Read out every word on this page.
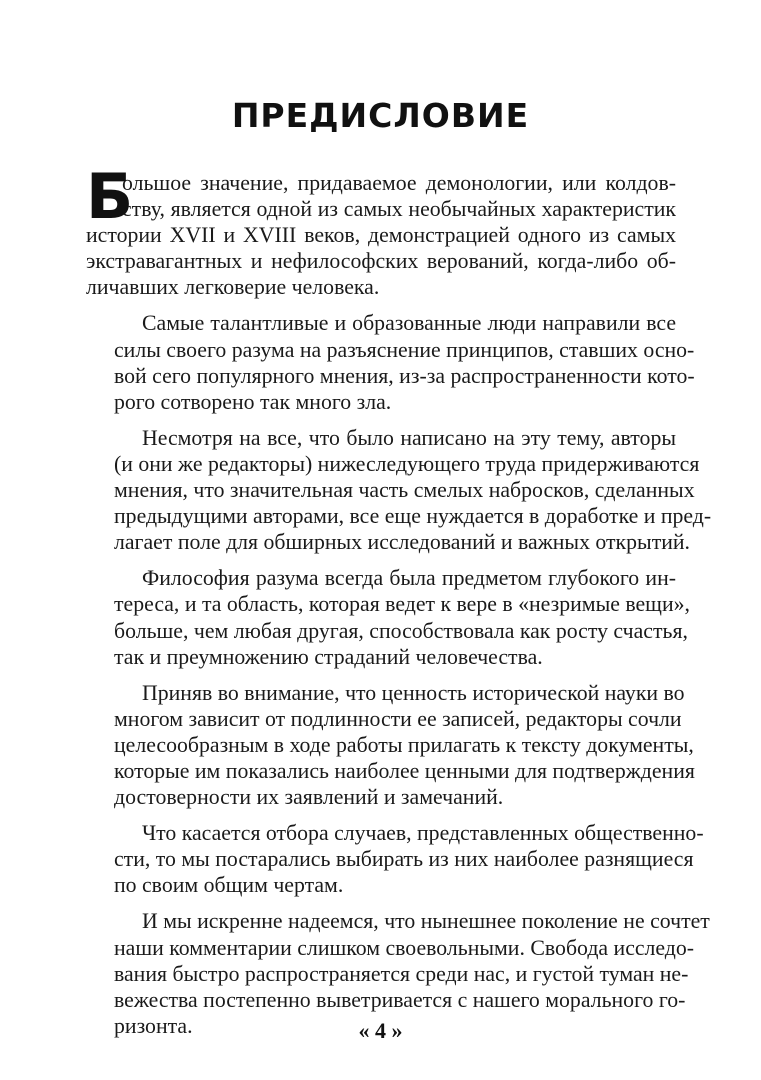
ПРЕДИСЛОВИЕ
Б
ольшое значение, придаваемое демонологии, или колдов-
ству, является одной из самых необычайных характеристик
истории XVII и XVIII веков, демонстрацией одного из самых
экстравагантных и нефилософских верований, когда-либо об-
личавших легковерие человека.
Самые талантливые и образованные люди направили все
силы своего разума на разъяснение принципов, ставших осно-
вой сего популярного мнения, из-за распространенности кото-
рого сотворено так много зла.
Несмотря на все, что было написано на эту тему, авторы
(и они же редакторы) нижеследующего труда придерживаются
мнения, что значительная часть смелых набросков, сделанных
предыдущими авторами, все еще нуждается в доработке и пред-
лагает поле для обширных исследований и важных открытий.
Философия разума всегда была предметом глубокого ин-
тереса, и та область, которая ведет к вере в «незримые вещи»,
больше, чем любая другая, способствовала как росту счастья,
так и преумножению страданий человечества.
Приняв во внимание, что ценность исторической науки во
многом зависит от подлинности ее записей, редакторы сочли
целесообразным в ходе работы прилагать к тексту документы,
которые им показались наиболее ценными для подтверждения
достоверности их заявлений и замечаний.
Что касается отбора случаев, представленных общественно-
сти, то мы постарались выбирать из них наиболее разнящиеся
по своим общим чертам.
И мы искренне надеемся, что нынешнее поколение не сочтет
наши комментарии слишком своевольными. Свобода исследо-
вания быстро распространяется среди нас, и густой туман не-
вежества постепенно выветривается с нашего морального го-
ризонта.	« 4 »
